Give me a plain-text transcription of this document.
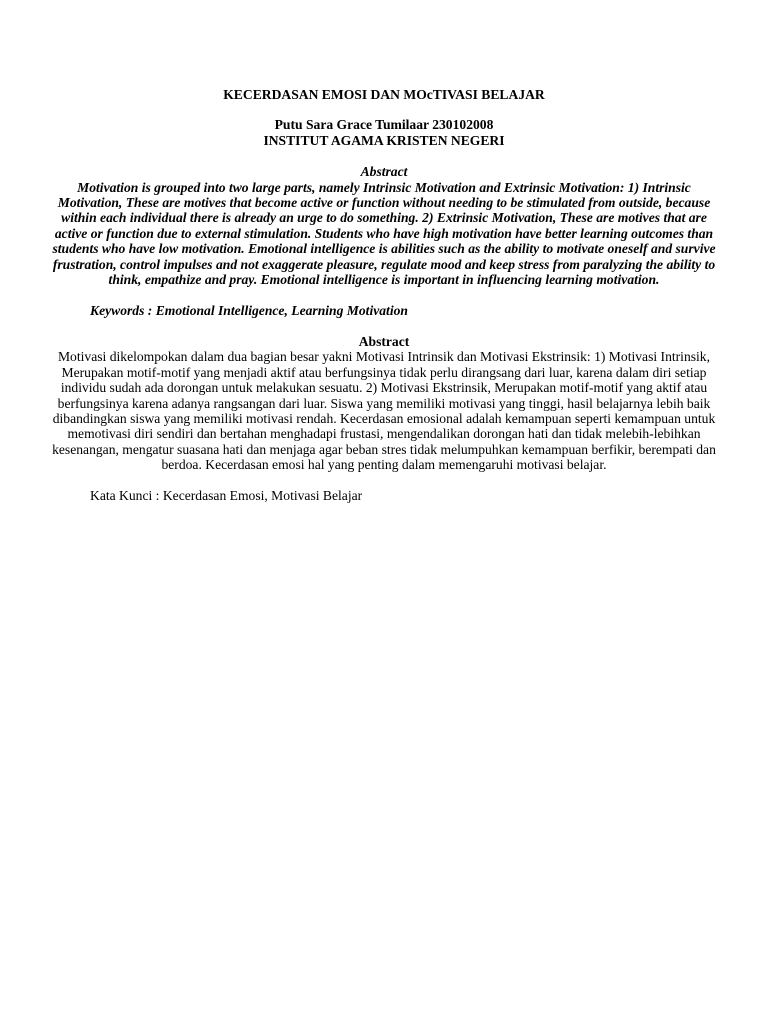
KECERDASAN EMOSI DAN MOcTIVASI BELAJAR
Putu Sara Grace Tumilaar 230102008
INSTITUT AGAMA KRISTEN NEGERI
Abstract
Motivation is grouped into two large parts, namely Intrinsic Motivation and Extrinsic Motivation: 1) Intrinsic Motivation, These are motives that become active or function without needing to be stimulated from outside, because within each individual there is already an urge to do something. 2) Extrinsic Motivation, These are motives that are active or function due to external stimulation. Students who have high motivation have better learning outcomes than students who have low motivation. Emotional intelligence is abilities such as the ability to motivate oneself and survive frustration, control impulses and not exaggerate pleasure, regulate mood and keep stress from paralyzing the ability to think, empathize and pray. Emotional intelligence is important in influencing learning motivation.
Keywords : Emotional Intelligence, Learning Motivation
Abstract
Motivasi dikelompokan dalam dua bagian besar yakni Motivasi Intrinsik dan Motivasi Ekstrinsik: 1) Motivasi Intrinsik, Merupakan motif-motif yang menjadi aktif atau berfungsinya tidak perlu dirangsang dari luar, karena dalam diri setiap individu sudah ada dorongan untuk melakukan sesuatu. 2) Motivasi Ekstrinsik, Merupakan motif-motif yang aktif atau berfungsinya karena adanya rangsangan dari luar. Siswa yang memiliki motivasi yang tinggi, hasil belajarnya lebih baik dibandingkan siswa yang memiliki motivasi rendah. Kecerdasan emosional adalah kemampuan seperti kemampuan untuk memotivasi diri sendiri dan bertahan menghadapi frustasi, mengendalikan dorongan hati dan tidak melebih-lebihkan kesenangan, mengatur suasana hati dan menjaga agar beban stres tidak melumpuhkan kemampuan berfikir, berempati dan berdoa. Kecerdasan emosi hal yang penting dalam memengaruhi motivasi belajar.
Kata Kunci : Kecerdasan Emosi, Motivasi Belajar
